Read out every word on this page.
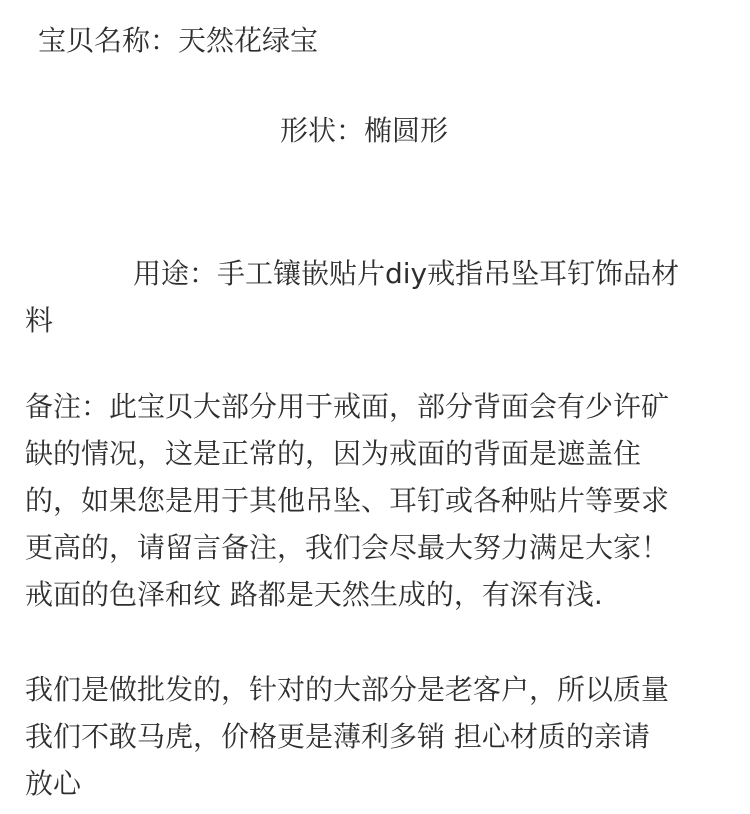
宝贝名称：天然花绿宝
形状：椭圆形
用途：手工镶嵌贴片diy戒指吊坠耳钉饰品材
料
备注：此宝贝大部分用于戒面，部分背面会有少许矿
缺的情况，这是正常的，因为戒面的背面是遮盖住
的，如果您是用于其他吊坠、耳钉或各种贴片等要求
更高的，请留言备注，我们会尽最大努力满足大家！
戒面的色泽和纹 路都是天然生成的，有深有浅.
我们是做批发的，针对的大部分是老客户，所以质量
我们不敢马虎，价格更是薄利多销 担心材质的亲请
放心
